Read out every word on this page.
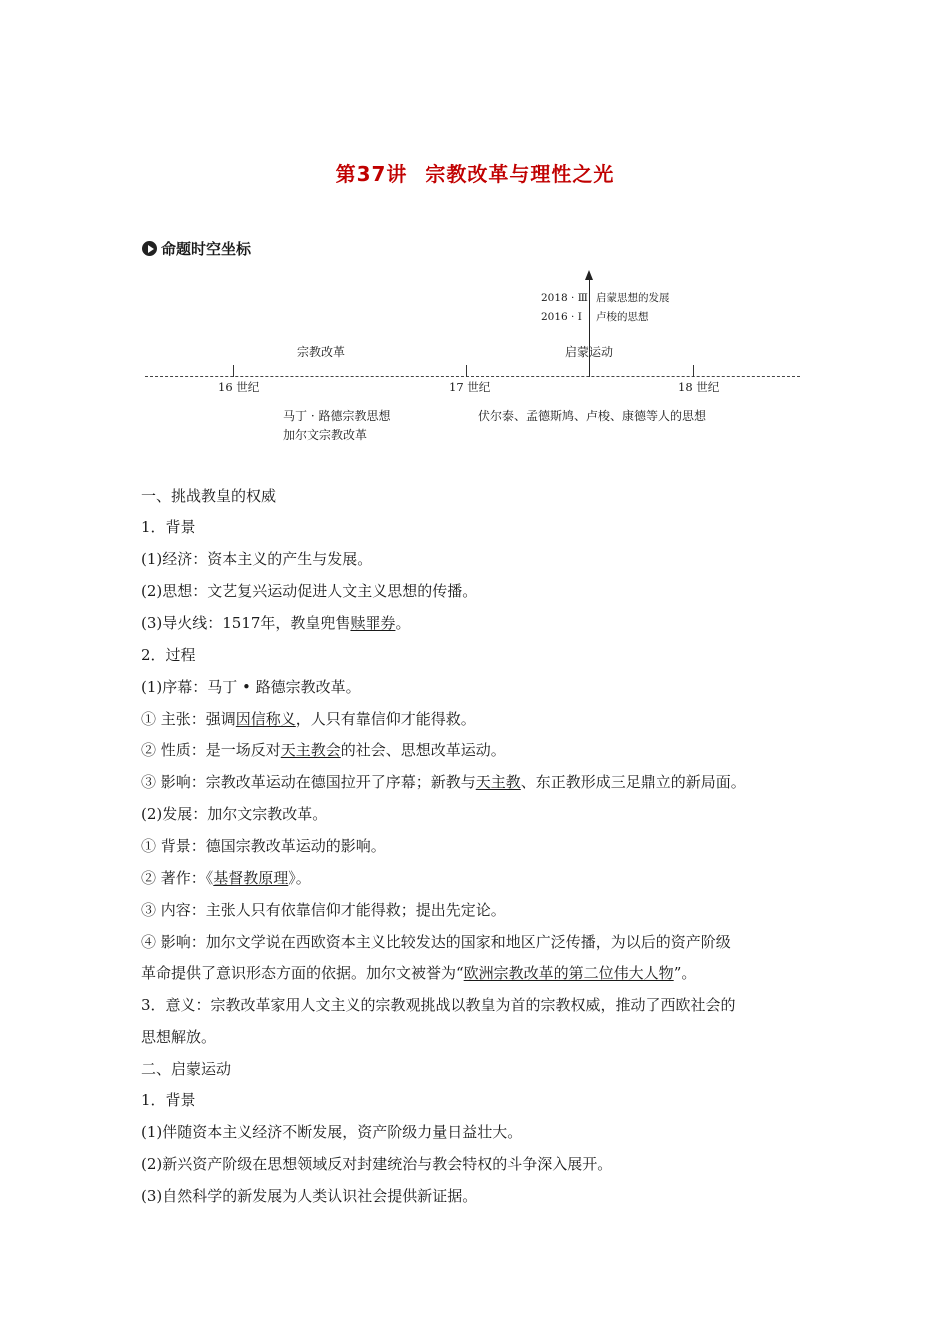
第37讲 宗教改革与理性之光
命题时空坐标
2018 · Ⅲ
2016 · Ⅰ
启蒙思想的发展
卢梭的思想
宗教改革	启蒙运动
16 世纪	17 世纪	18 世纪
马丁 · 路德宗教思想
加尔文宗教改革
伏尔泰、孟德斯鸠、卢梭、康德等人的思想
一、挑战教皇的权威
1．背景
(1)经济：资本主义的产生与发展。
(2)思想：文艺复兴运动促进人文主义思想的传播。
(3)导火线：1517年，教皇兜售赎罪券。
2．过程
(1)序幕：马丁 • 路德宗教改革。
① 主张：强调因信称义，人只有靠信仰才能得救。
② 性质：是一场反对天主教会的社会、思想改革运动。
③ 影响：宗教改革运动在德国拉开了序幕；新教与天主教、东正教形成三足鼎立的新局面。
(2)发展：加尔文宗教改革。
① 背景：德国宗教改革运动的影响。
② 著作：《基督教原理》。
③ 内容：主张人只有依靠信仰才能得救；提出先定论。
④ 影响：加尔文学说在西欧资本主义比较发达的国家和地区广泛传播，为以后的资产阶级
革命提供了意识形态方面的依据。加尔文被誉为“欧洲宗教改革的第二位伟大人物”。
3．意义：宗教改革家用人文主义的宗教观挑战以教皇为首的宗教权威，推动了西欧社会的
思想解放。
二、启蒙运动
1．背景
(1)伴随资本主义经济不断发展，资产阶级力量日益壮大。
(2)新兴资产阶级在思想领域反对封建统治与教会特权的斗争深入展开。
(3)自然科学的新发展为人类认识社会提供新证据。
